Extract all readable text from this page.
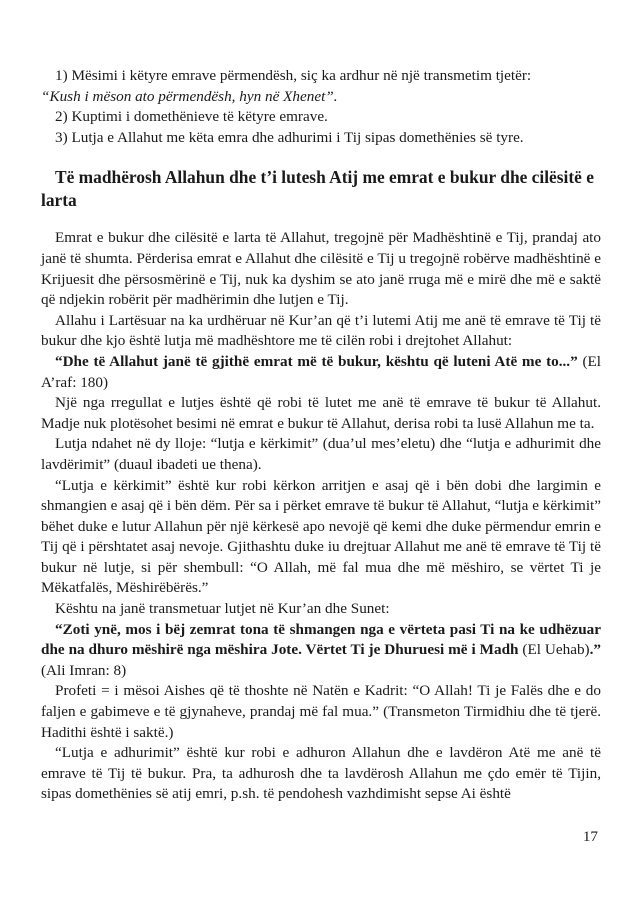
1) Mësimi i këtyre emrave përmendësh, siç ka ardhur në një transmetim tjetër:

“Kush i mëson ato përmendësh, hyn në Xhenet”.

2) Kuptimi i domethënieve të këtyre emrave.

3) Lutja e Allahut me këta emra dhe adhurimi i Tij sipas domethënies së tyre.

Të madhërosh Allahun dhe t’i lutesh Atij me emrat e bukur dhe cilësitë e larta

Emrat e bukur dhe cilësitë e larta të Allahut, tregojnë për Madhështinë e Tij, prandaj ato janë të shumta. Përderisa emrat e Allahut dhe cilësitë e Tij u tregojnë robërve madhështinë e Krijuesit dhe përsosmërinë e Tij, nuk ka dyshim se ato janë rruga më e mirë dhe më e saktë që ndjekin robërit për madhërimin dhe lutjen e Tij.

Allahu i Lartësuar na ka urdhëruar në Kur’an që t’i lutemi Atij me anë të emrave të Tij të bukur dhe kjo është lutja më madhështore me të cilën robi i drejtohet Allahut:

“Dhe të Allahut janë të gjithë emrat më të bukur, kështu që luteni Atë me to...” (El A’raf: 180)

Një nga rregullat e lutjes është që robi të lutet me anë të emrave të bukur të Allahut. Madje nuk plotësohet besimi në emrat e bukur të Allahut, derisa robi ta lusë Allahun me ta.

Lutja ndahet në dy lloje: “lutja e kërkimit” (dua’ul mes’eletu) dhe “lutja e adhurimit dhe lavdërimit” (duaul ibadeti ue thena).

“Lutja e kërkimit” është kur robi kërkon arritjen e asaj që i bën dobi dhe largimin e shmangien e asaj që i bën dëm. Për sa i përket emrave të bukur të Allahut, “lutja e kërkimit” bëhet duke e lutur Allahun për një kërkesë apo nevojë që kemi dhe duke përmendur emrin e Tij që i përshtatet asaj nevoje. Gjithashtu duke iu drejtuar Allahut me anë të emrave të Tij të bukur në lutje, si për shembull: “O Allah, më fal mua dhe më mëshiro, se vërtet Ti je Mëkatfalës, Mëshirëbërës.”

Kështu na janë transmetuar lutjet në Kur’an dhe Sunet:

“Zoti ynë, mos i bëj zemrat tona të shmangen nga e vërteta pasi Ti na ke udhëzuar dhe na dhuro mëshirë nga mëshira Jote. Vërtet Ti je Dhuruesi më i Madh (El Uehab).” (Ali Imran: 8)

Profeti = i mësoi Aishes që të thoshte në Natën e Kadrit: “O Allah! Ti je Falës dhe e do faljen e gabimeve e të gjynaheve, prandaj më fal mua.” (Transmeton Tirmidhiu dhe të tjerë. Hadithi është i saktë.)

“Lutja e adhurimit” është kur robi e adhuron Allahun dhe e lavdëron Atë me anë të emrave të Tij të bukur. Pra, ta adhurosh dhe ta lavdërosh Allahun me çdo emër të Tijin, sipas domethënies së atij emri, p.sh. të pendohesh vazhdimisht sepse Ai është

17
